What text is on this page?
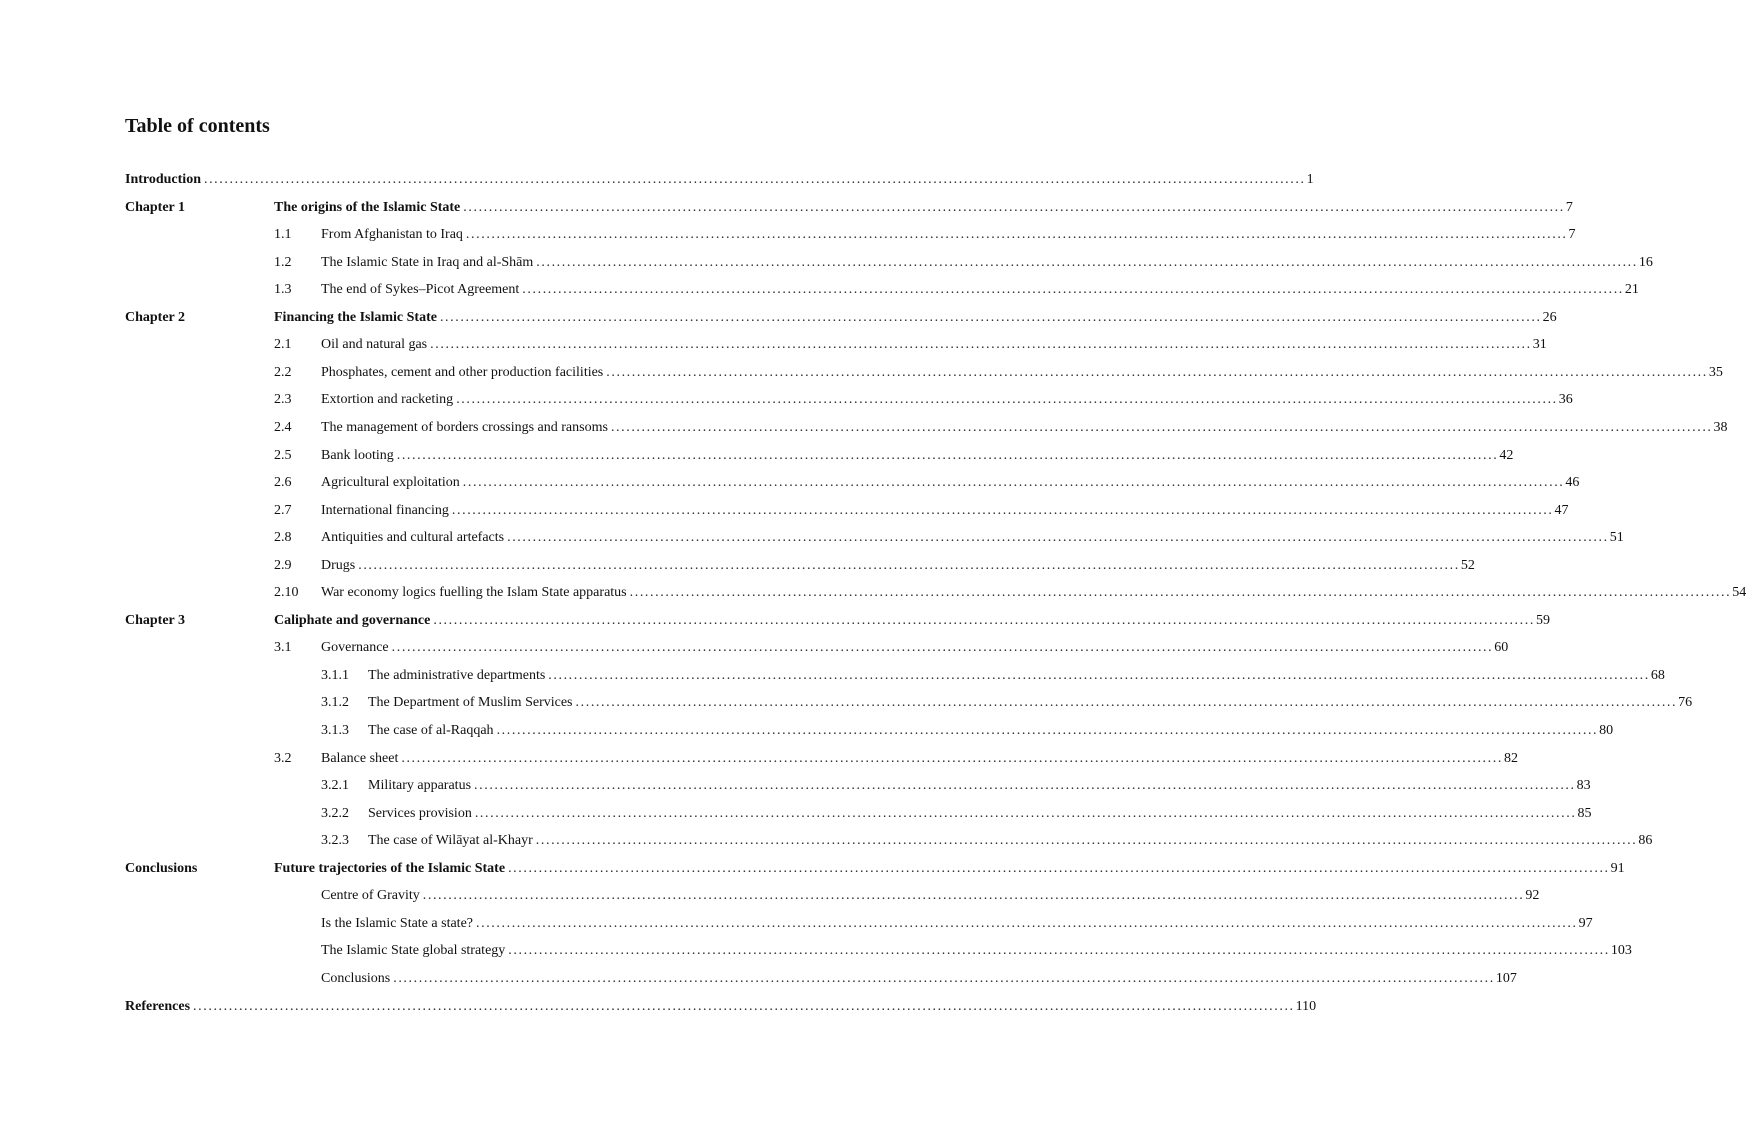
Table of contents
Introduction ........................................................................................................................................................................................................................ 1
Chapter 1	The origins of the Islamic State ........................................................................................................................................................................................................................ 7
1.1 From Afghanistan to Iraq ........................................................................................................................................................................................................................ 7
1.2 The Islamic State in Iraq and al-Shām ........................................................................................................................................................................................................................ 16
1.3 The end of Sykes–Picot Agreement ........................................................................................................................................................................................................................ 21
Chapter 2	Financing the Islamic State ........................................................................................................................................................................................................................ 26
2.1 Oil and natural gas ........................................................................................................................................................................................................................ 31
2.2 Phosphates, cement and other production facilities ........................................................................................................................................................................................................................ 35
2.3 Extortion and racketing ........................................................................................................................................................................................................................ 36
2.4 The management of borders crossings and ransoms ........................................................................................................................................................................................................................ 38
2.5 Bank looting ........................................................................................................................................................................................................................ 42
2.6 Agricultural exploitation ........................................................................................................................................................................................................................ 46
2.7 International financing ........................................................................................................................................................................................................................ 47
2.8 Antiquities and cultural artefacts ........................................................................................................................................................................................................................ 51
2.9 Drugs ........................................................................................................................................................................................................................ 52
2.10 War economy logics fuelling the Islam State apparatus ........................................................................................................................................................................................................................ 54
Chapter 3	Caliphate and governance ........................................................................................................................................................................................................................ 59
3.1 Governance ........................................................................................................................................................................................................................ 60
3.1.1 The administrative departments ........................................................................................................................................................................................................................ 68
3.1.2 The Department of Muslim Services ........................................................................................................................................................................................................................ 76
3.1.3 The case of al-Raqqah ........................................................................................................................................................................................................................ 80
3.2 Balance sheet ........................................................................................................................................................................................................................ 82
3.2.1 Military apparatus ........................................................................................................................................................................................................................ 83
3.2.2 Services provision ........................................................................................................................................................................................................................ 85
3.2.3 The case of Wilāyat al-Khayr ........................................................................................................................................................................................................................ 86
Conclusions	Future trajectories of the Islamic State ........................................................................................................................................................................................................................ 91
Centre of Gravity ........................................................................................................................................................................................................................ 92
Is the Islamic State a state? ........................................................................................................................................................................................................................ 97
The Islamic State global strategy ........................................................................................................................................................................................................................ 103
Conclusions ........................................................................................................................................................................................................................ 107
References ........................................................................................................................................................................................................................ 110
